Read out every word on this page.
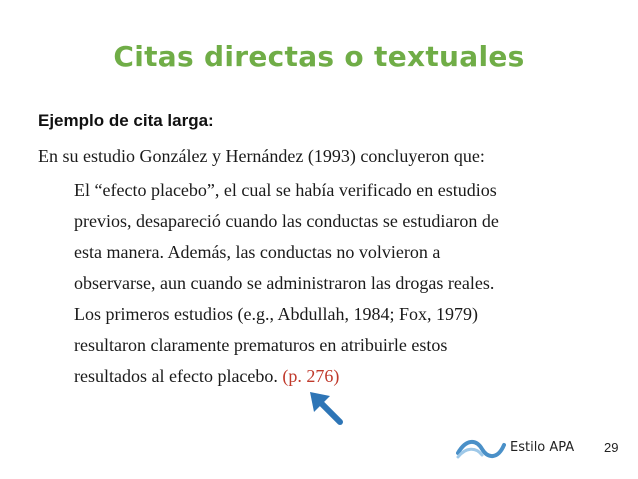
Citas directas o textuales
Ejemplo de cita larga:
En su estudio González y Hernández (1993) concluyeron que:
El “efecto placebo”, el cual se había verificado en estudios
previos, desapareció cuando las conductas se estudiaron de
esta manera. Además, las conductas no volvieron a
observarse, aun cuando se administraron las drogas reales.
Los primeros estudios (e.g., Abdullah, 1984; Fox, 1979)
resultaron claramente prematuros en atribuirle estos
resultados al efecto placebo. (p. 276)
Estilo APA 29
